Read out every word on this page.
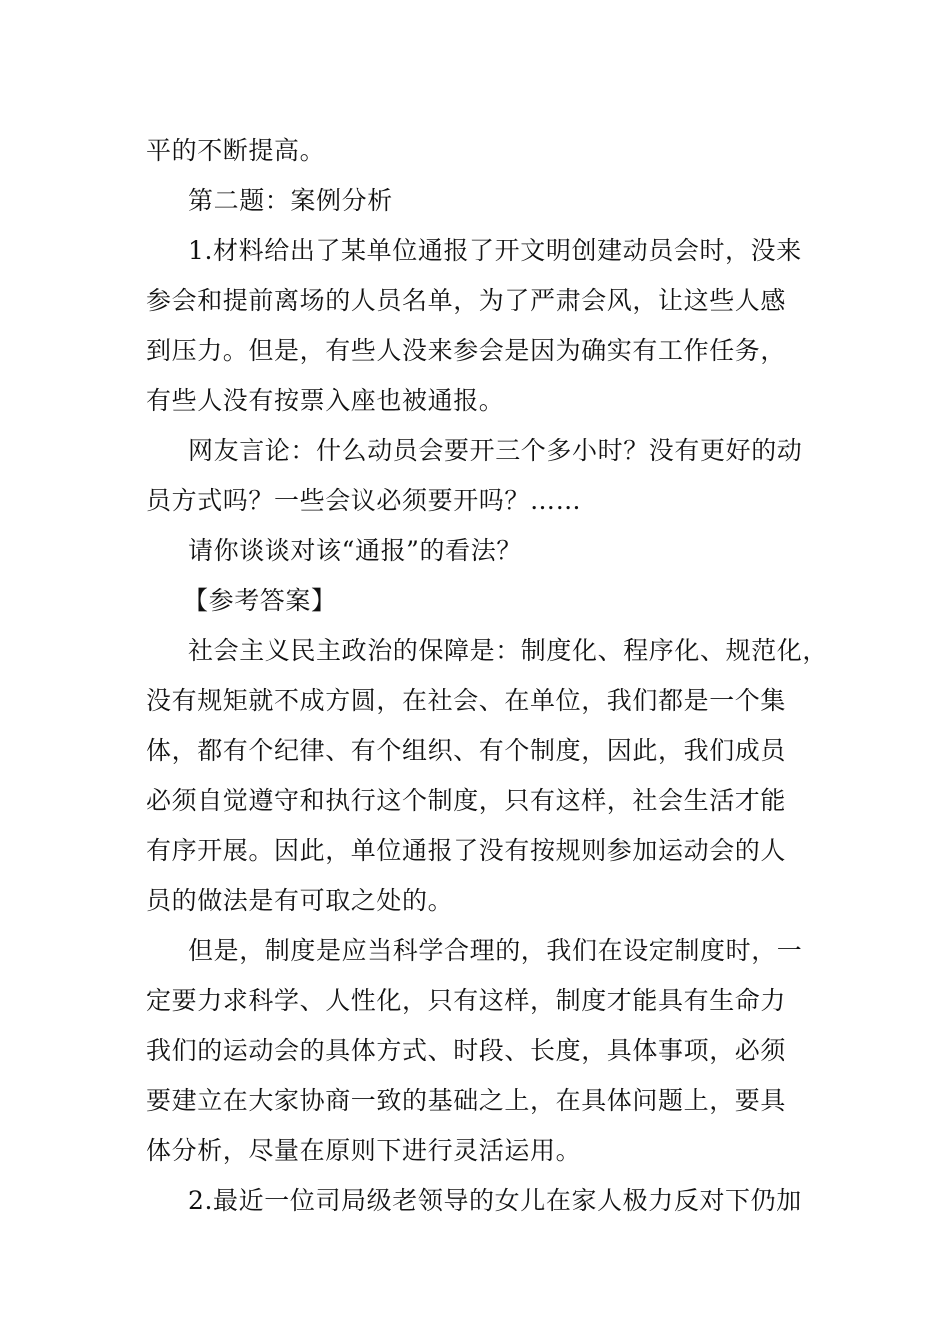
平的不断提高。
第二题：案例分析
1.材料给出了某单位通报了开文明创建动员会时，没来
参会和提前离场的人员名单，为了严肃会风，让这些人感
到压力。但是，有些人没来参会是因为确实有工作任务，
有些人没有按票入座也被通报。
网友言论：什么动员会要开三个多小时？没有更好的动
员方式吗？一些会议必须要开吗？……
请你谈谈对该“通报”的看法？
【参考答案】
社会主义民主政治的保障是：制度化、程序化、规范化，
没有规矩就不成方圆，在社会、在单位，我们都是一个集
体，都有个纪律、有个组织、有个制度，因此，我们成员
必须自觉遵守和执行这个制度，只有这样，社会生活才能
有序开展。因此，单位通报了没有按规则参加运动会的人
员的做法是有可取之处的。
但是，制度是应当科学合理的，我们在设定制度时，一
定要力求科学、人性化，只有这样，制度才能具有生命力
我们的运动会的具体方式、时段、长度，具体事项，必须
要建立在大家协商一致的基础之上，在具体问题上，要具
体分析，尽量在原则下进行灵活运用。
2.最近一位司局级老领导的女儿在家人极力反对下仍加
